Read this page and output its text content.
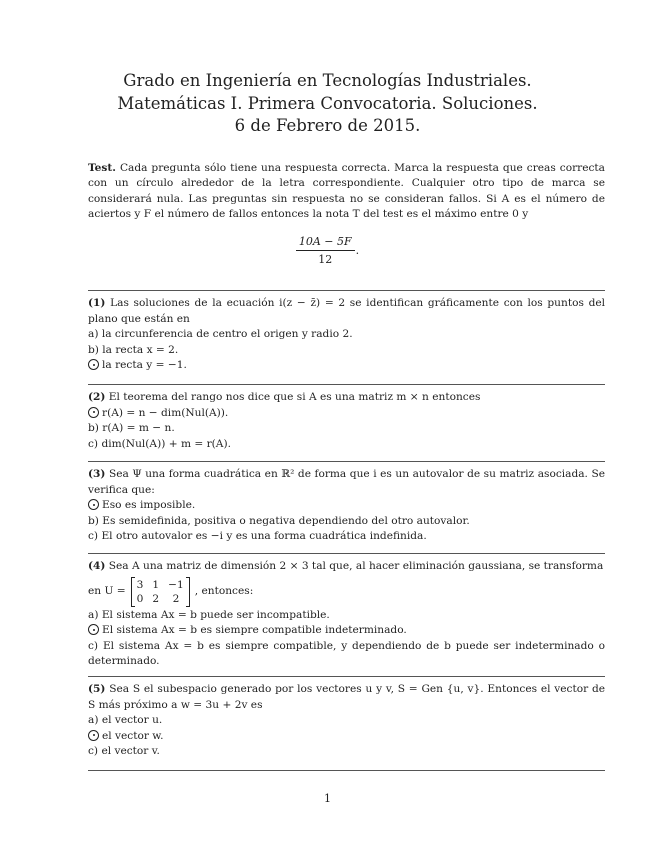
Grado en Ingeniería en Tecnologías Industriales.
Matemáticas I. Primera Convocatoria. Soluciones.
6 de Febrero de 2015.
Test. Cada pregunta sólo tiene una respuesta correcta. Marca la respuesta que creas correcta con un círculo alrededor de la letra correspondiente. Cualquier otro tipo de marca se considerará nula. Las preguntas sin respuesta no se consideran fallos. Si A es el número de aciertos y F el número de fallos entonces la nota T del test es el máximo entre 0 y
$\frac{10A - 5F}{12}$ .
(1) Las soluciones de la ecuación i(z − z̄) = 2 se identifican gráficamente con los puntos del plano que están en
a) la circunferencia de centro el origen y radio 2.
b) la recta x = 2.
la recta y = −1.
(2) El teorema del rango nos dice que si A es una matriz m × n entonces
r(A) = n − dim(Nul(A)).
b) r(A) = m − n.
c) dim(Nul(A)) + m = r(A).
(3) Sea Ψ una forma cuadrática en ℝ² de forma que i es un autovalor de su matriz asociada. Se verifica que:
Eso es imposible.
b) Es semidefinida, positiva o negativa dependiendo del otro autovalor.
c) El otro autovalor es −i y es una forma cuadrática indefinida.
(4) Sea A una matriz de dimensión 2 × 3 tal que, al hacer eliminación gaussiana, se transforma
en U =
3 1 −1
0 2	2
, entonces:
a) El sistema Ax = b puede ser incompatible.
El sistema Ax = b es siempre compatible indeterminado.
c) El sistema Ax = b es siempre compatible, y dependiendo de b puede ser indeterminado o determinado.
(5) Sea S el subespacio generado por los vectores u y v, S = Gen {u, v}. Entonces el vector de S más próximo a w = 3u + 2v es
a) el vector u.
el vector w.
c) el vector v.
1
